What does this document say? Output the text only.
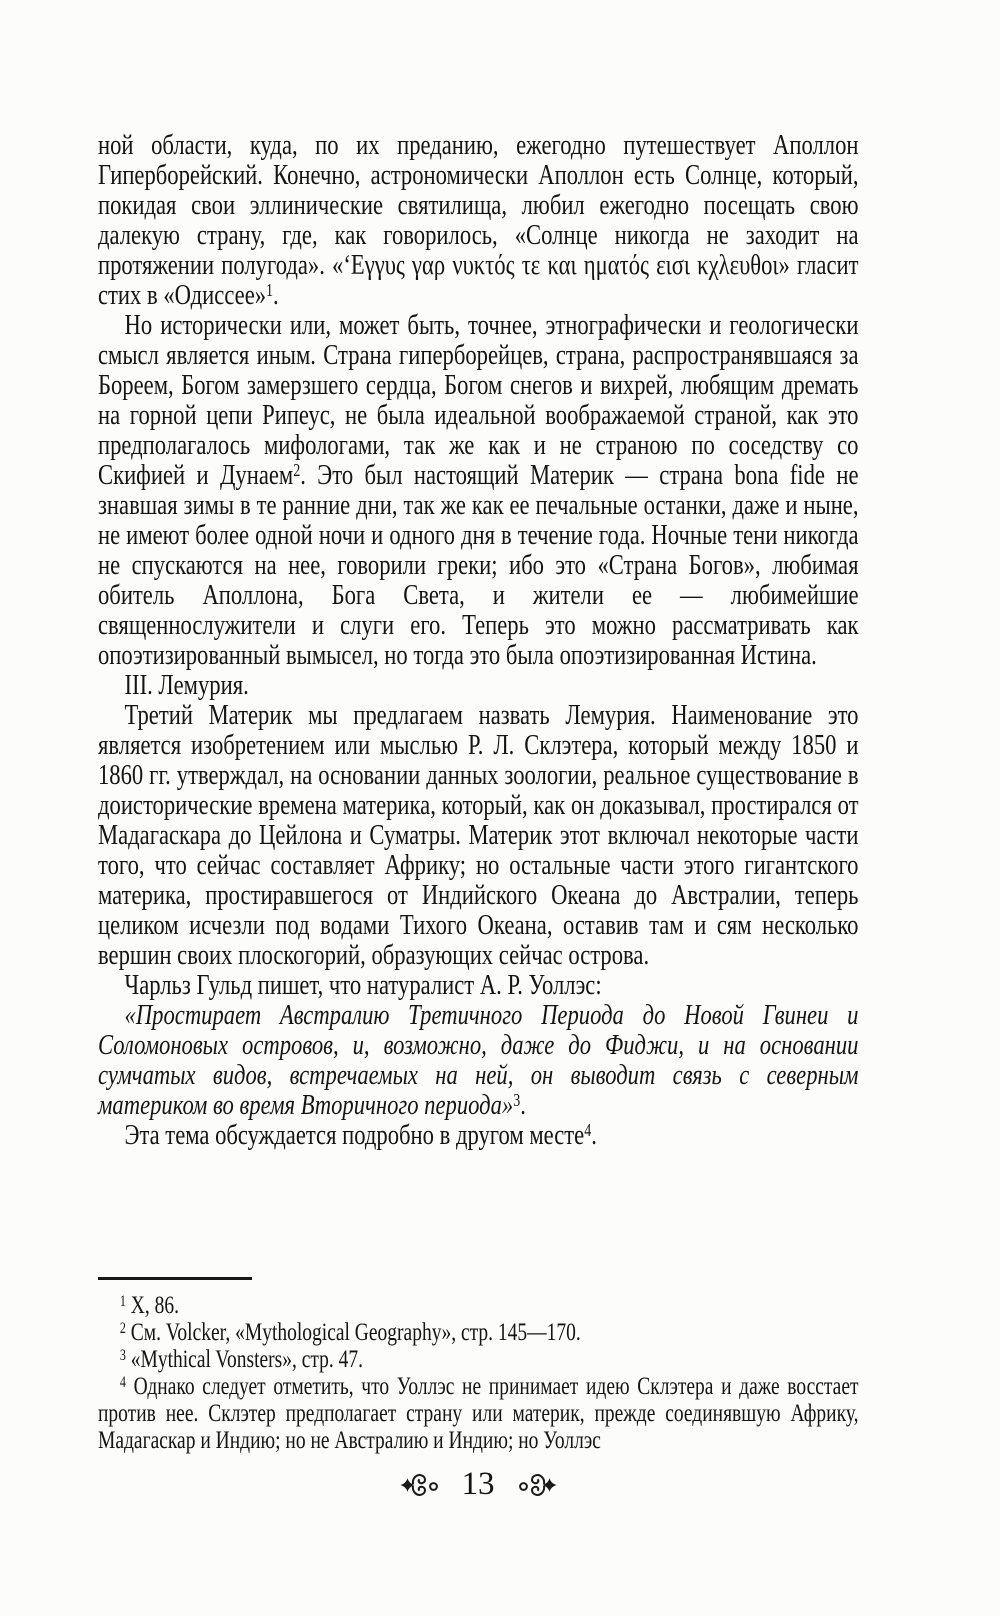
ной области, куда, по их преданию, ежегодно путешествует Аполлон Гиперборейский. Конечно, астрономически Аполлон есть Солнце, который, покидая свои эллинические святилища, любил ежегодно посещать свою далекую страну, где, как говорилось, «Солнце никогда не заходит на протяжении полугода». «‘Εγγυς γαρ νυκτός τε και ηματός εισι κχλευθοι» гласит стих в «Одиссее»$^1$.

Но исторически или, может быть, точнее, этнографически и геологически смысл является иным. Страна гиперборейцев, страна, распространявшаяся за Бореем, Богом замерзшего сердца, Богом снегов и вихрей, любящим дремать на горной цепи Рипеус, не была идеальной воображаемой страной, как это предполагалось мифологами, так же как и не страною по соседству со Скифией и Дунаем$^2$. Это был настоящий Материк — страна bona fide не знавшая зимы в те ранние дни, так же как ее печальные останки, даже и ныне, не имеют более одной ночи и одного дня в течение года. Ночные тени никогда не спускаются на нее, говорили греки; ибо это «Страна Богов», любимая обитель Аполлона, Бога Света, и жители ее — любимейшие священнослужители и слуги его. Теперь это можно рассматривать как опоэтизированный вымысел, но тогда это была опоэтизированная Истина.

III. Лемурия.

Третий Материк мы предлагаем назвать Лемурия. Наименование это является изобретением или мыслью Р. Л. Склэтера, который между 1850 и 1860 гг. утверждал, на основании данных зоологии, реальное существование в доисторические времена материка, который, как он доказывал, простирался от Мадагаскара до Цейлона и Суматры. Материк этот включал некоторые части того, что сейчас составляет Африку; но остальные части этого гигантского материка, простиравшегося от Индийского Океана до Австралии, теперь целиком исчезли под водами Тихого Океана, оставив там и сям несколько вершин своих плоскогорий, образующих сейчас острова.

Чарльз Гульд пишет, что натуралист А. Р. Уоллэс:

«Простирает Австралию Третичного Периода до Новой Гвинеи и Соломоновых островов, и, возможно, даже до Фиджи, и на основании сумчатых видов, встречаемых на ней, он выводит связь с северным материком во время Вторичного периода»$^3$.

Эта тема обсуждается подробно в другом месте$^4$.

$^1$ X, 86.

$^2$ См. Volcker, «Mythological Geography», стр. 145—170.

$^3$ «Mythical Vonsters», стр. 47.

$^4$ Однако следует отметить, что Уоллэс не принимает идею Склэтера и даже восстает против нее. Склэтер предполагает страну или материк, прежде соединявшую Африку, Мадагаскар и Индию; но не Австралию и Индию; но Уоллэс

13
